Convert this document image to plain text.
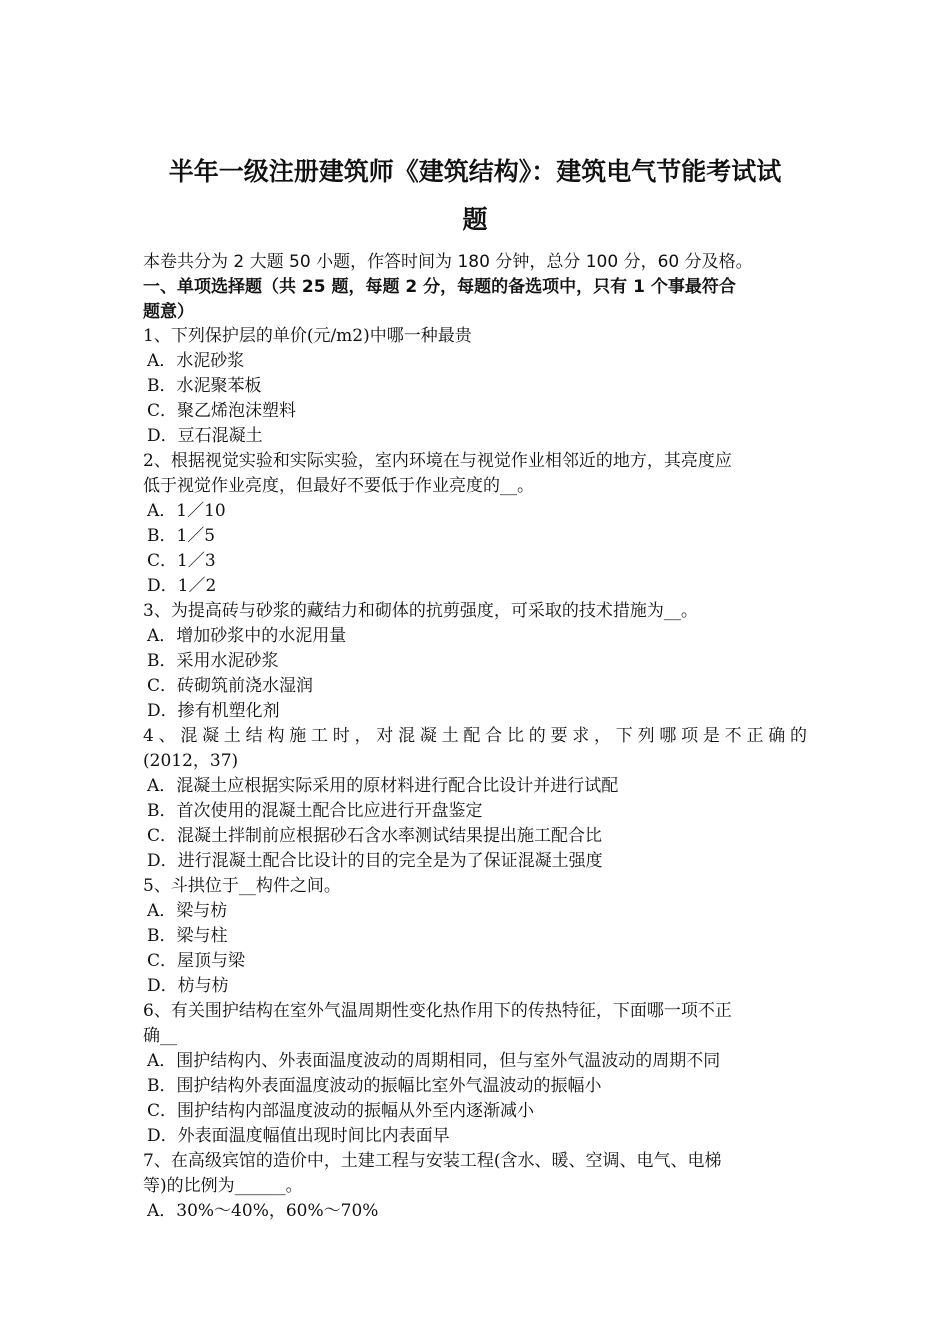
半年一级注册建筑师《建筑结构》：建筑电气节能考试试
题
本卷共分为 2 大题 50 小题，作答时间为 180 分钟，总分 100 分，60 分及格。
一、单项选择题（共 25 题，每题 2 分，每题的备选项中，只有 1 个事最符合
题意）
1、下列保护层的单价(元/m2)中哪一种最贵
A．水泥砂浆
B．水泥聚苯板
C．聚乙烯泡沫塑料
D．豆石混凝土
2、根据视觉实验和实际实验，室内环境在与视觉作业相邻近的地方，其亮度应
低于视觉作业亮度，但最好不要低于作业亮度的__。
A．1／10
B．1／5
C．1／3
D．1／2
3、为提高砖与砂浆的藏结力和砌体的抗剪强度，可采取的技术措施为__。
A．增加砂浆中的水泥用量
B．采用水泥砂浆
C．砖砌筑前浇水湿润
D．掺有机塑化剂
4、混凝土结构施工时，对混凝土配合比的要求，下列哪项是不正确的
(2012，37)
A．混凝土应根据实际采用的原材料进行配合比设计并进行试配
B．首次使用的混凝土配合比应进行开盘鉴定
C．混凝土拌制前应根据砂石含水率测试结果提出施工配合比
D．进行混凝土配合比设计的目的完全是为了保证混凝土强度
5、斗拱位于__构件之间。
A．梁与枋
B．梁与柱
C．屋顶与梁
D．枋与枋
6、有关围护结构在室外气温周期性变化热作用下的传热特征，下面哪一项不正
确__
A．围护结构内、外表面温度波动的周期相同，但与室外气温波动的周期不同
B．围护结构外表面温度波动的振幅比室外气温波动的振幅小
C．围护结构内部温度波动的振幅从外至内逐渐减小
D．外表面温度幅值出现时间比内表面早
7、在高级宾馆的造价中，土建工程与安装工程(含水、暖、空调、电气、电梯
等)的比例为______。
A．30%～40%，60%～70%
